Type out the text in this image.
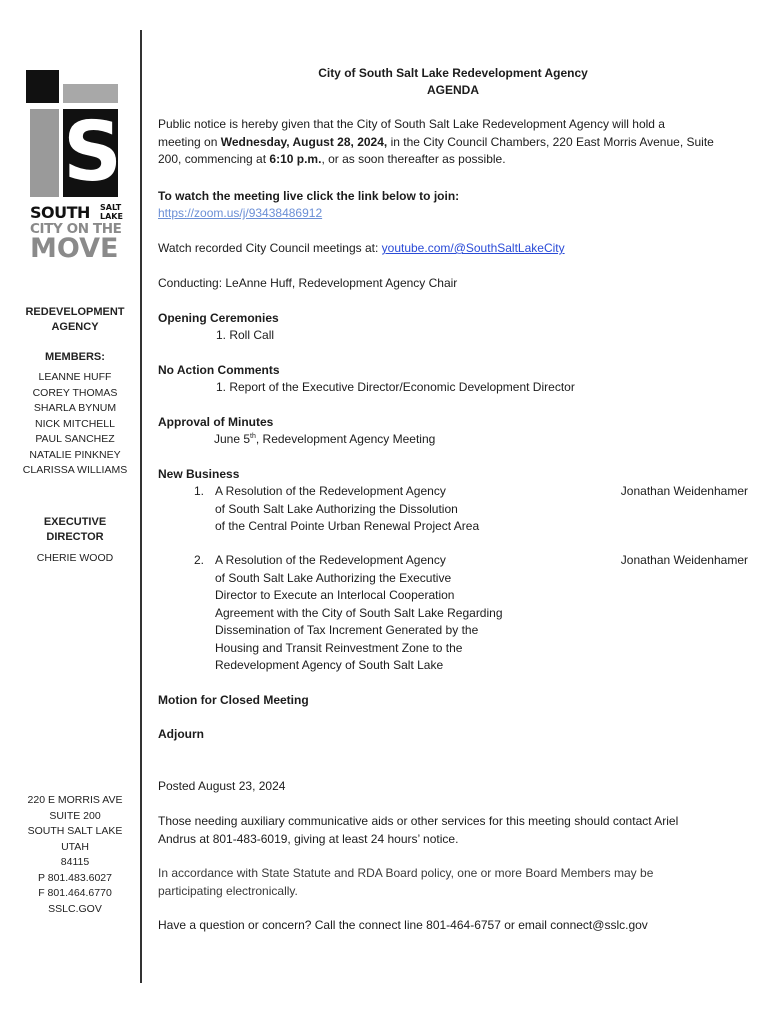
S
SOUTH SALT
LAKE
CITY ON THE
MOVE
REDEVELOPMENT
AGENCY
MEMBERS:
LEANNE HUFF
COREY THOMAS
SHARLA BYNUM
NICK MITCHELL
PAUL SANCHEZ
NATALIE PINKNEY
CLARISSA WILLIAMS
EXECUTIVE
DIRECTOR
CHERIE WOOD
220 E MORRIS AVE
SUITE 200
SOUTH SALT LAKE
UTAH
84115
P 801.483.6027
F 801.464.6770
SSLC.GOV
City of South Salt Lake Redevelopment Agency
AGENDA
Public notice is hereby given that the City of South Salt Lake Redevelopment Agency will hold a
meeting on Wednesday, August 28, 2024, in the City Council Chambers, 220 East Morris Avenue, Suite
200, commencing at 6:10 p.m., or as soon thereafter as possible.
To watch the meeting live click the link below to join:
https://zoom.us/j/93438486912
Watch recorded City Council meetings at: youtube.com/@SouthSaltLakeCity
Conducting: LeAnne Huff, Redevelopment Agency Chair
Opening Ceremonies
1. Roll Call
No Action Comments
1. Report of the Executive Director/Economic Development Director
Approval of Minutes
June 5th, Redevelopment Agency Meeting
New Business
1. A Resolution of the Redevelopment Agency
of South Salt Lake Authorizing the Dissolution
of the Central Pointe Urban Renewal Project Area
Jonathan Weidenhamer
2. A Resolution of the Redevelopment Agency
of South Salt Lake Authorizing the Executive
Director to Execute an Interlocal Cooperation
Agreement with the City of South Salt Lake Regarding
Dissemination of Tax Increment Generated by the
Housing and Transit Reinvestment Zone to the
Redevelopment Agency of South Salt Lake
Jonathan Weidenhamer
Motion for Closed Meeting
Adjourn
Posted August 23, 2024
Those needing auxiliary communicative aids or other services for this meeting should contact Ariel
Andrus at 801-483-6019, giving at least 24 hours’ notice.
In accordance with State Statute and RDA Board policy, one or more Board Members may be
participating electronically.
Have a question or concern? Call the connect line 801-464-6757 or email connect@sslc.gov
